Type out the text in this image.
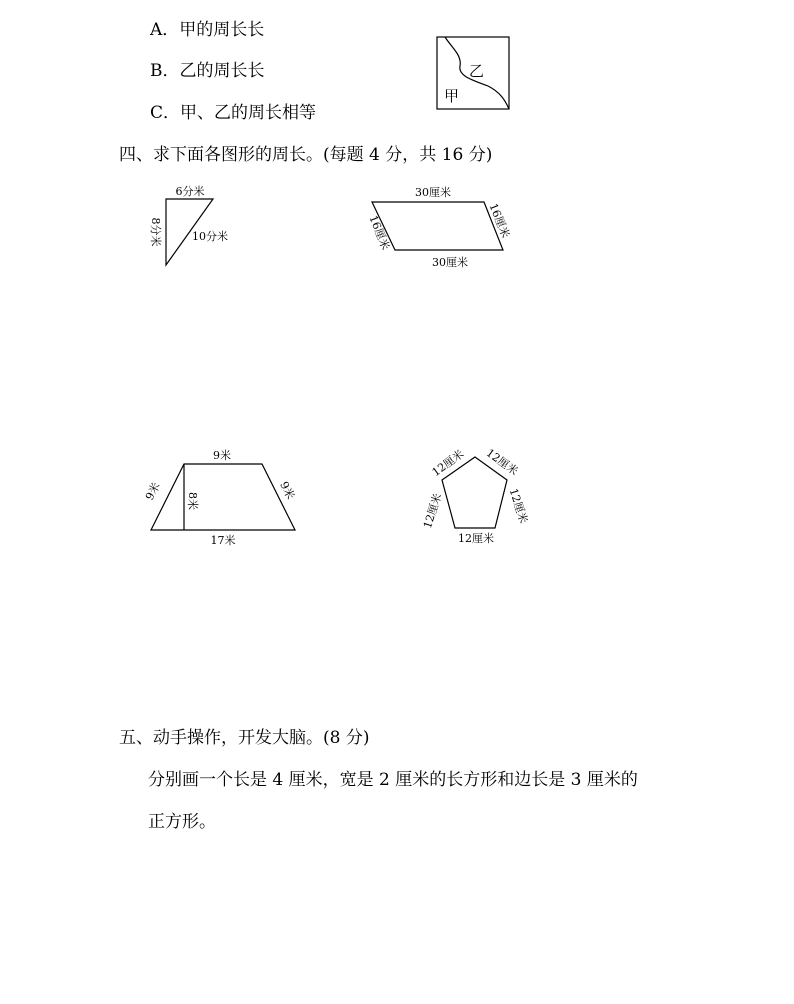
A．甲的周长长
B．乙的周长长
C．甲、乙的周长相等
四、求下面各图形的周长。(每题 4 分，共 16 分)
五、动手操作，开发大脑。(8 分)
分别画一个长是 4 厘米，宽是 2 厘米的长方形和边长是 3 厘米的
正方形。
乙
甲
6分米
8分米	10分米
30厘米
30厘米
16厘米	16厘米
9米
17米
9米	9米
8米
12厘米 12厘米
12厘米	12厘米
12厘米
